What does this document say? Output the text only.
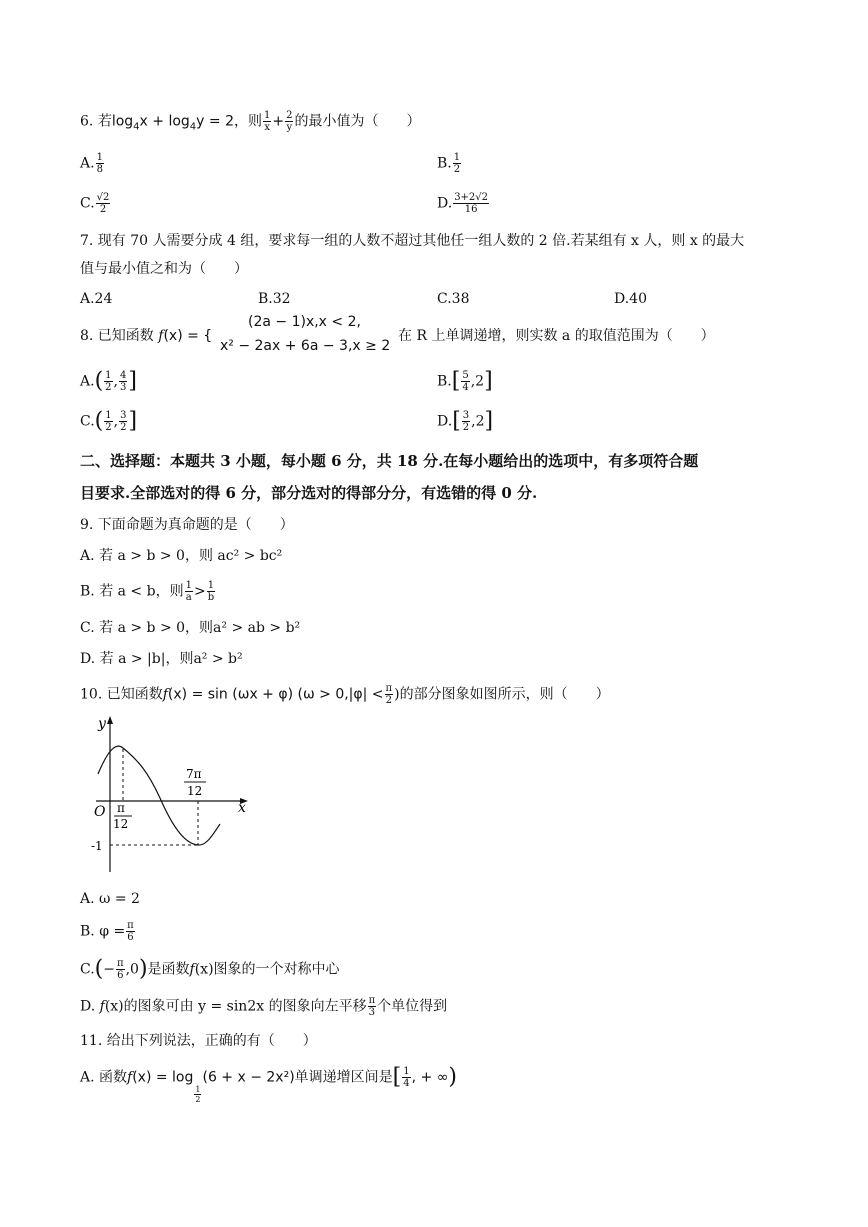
6. 若$\log_4x + \log_4y = 2$，则 $\frac{1}{x} + \frac{2}{y}$ 的最小值为（　　）
A. $\frac{1}{8}$	B. $\frac{1}{2}$
C. $\frac{√2}{2}$	D. $\frac{3+2√2}{16}$
7. 现有 70 人需要分成 4 组，要求每一组的人数不超过其他任一组人数的 2 倍.若某组有 x 人，则 x 的最大
值与最小值之和为（　　）
A.24	B.32	C.38	D.40
8. 已知函数 f(x) = {
(2a − 1)x,x < 2,
x² − 2ax + 6a − 3,x ≥ 2
在 R 上单调递增，则实数 a 的取值范围为（　　）
$A.( \frac{1}{2}$ , $\frac{4}{3}$ ]	$B.[ \frac{5}{4} ,2]$
$C.( \frac{1}{2}$ , $\frac{3}{2}$ ]	$D.[ \frac{3}{2} ,2]$
二、选择题：本题共 3 小题，每小题 6 分，共 18 分.在每小题给出的选项中，有多项符合题
目要求.全部选对的得 6 分，部分选对的得部分分，有选错的得 0 分.
9. 下面命题为真命题的是（　　）
A. 若 a > b > 0，则 ac² > bc²
B. 若 a < b，则 $\frac{1}{a} > \frac{1}{b}$
C. 若 a > b > 0，则a² > ab > b²
D. 若 a > |b|，则a² > b²
10. 已知函数f(x) = sin (ωx + φ) ($\omega > 0,|\varphi| < \frac{\pi}{2}$ )的部分图象如图所示，则（　　）
y
x
O π
12
7π
12
-1
A. ω = 2
B. $\varphi = \frac{\pi}{6}$
$C.(- \frac{\pi}{6} ,0)$是函数f(x)图象的一个对称中心
D. f(x)的图象可由 y = sin2x 的图象向左平移 $\frac{\pi}{3}$ 个单位得到
11. 给出下列说法，正确的有（　　）
A. 函数f(x) = log
$\frac{1}{2}$
(6 + x − 2x²)单调递增区间是[ $\frac{1}{4}$ , + ∞)
